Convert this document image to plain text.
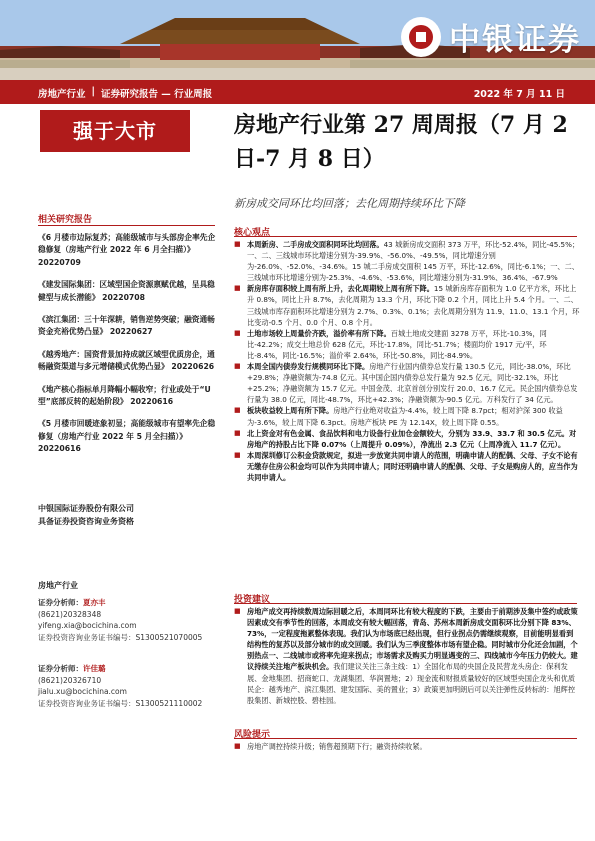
中银证券
房地产行业 | 证券研究报告 — 行业周报	2022 年 7 月 11 日
强于大市
相关研究报告
《6 月楼市边际复苏；高能级城市与头部房企率先企稳修复（房地产行业 2022 年 6 月全扫描）》 20220709
《建发国际集团：区域型国企资源禀赋优越，呈具稳健型与成长潜能》 20220708
《滨江集团：三十年深耕，销售逆势突破；融资通畅资金充裕优势凸显》 20220627
《越秀地产：国资背景加持成就区域型优质房企，通畅融资渠道与多元增储模式优势凸显》 20220626
《地产核心指标单月降幅小幅收窄；行业或处于“U 型”底部反转的起始阶段》 20220616
《5 月楼市回暖迹象初显；高能级城市有望率先企稳修复（房地产行业 2022 年 5 月全扫描）》 20220616
中银国际证券股份有限公司
具备证券投资咨询业务资格
房地产行业
证券分析师：夏亦丰
(8621)20328348
yifeng.xia@bocichina.com
证券投资咨询业务证书编号：S1300521070005
证券分析师：许佳璐
(8621)20326710
jialu.xu@bocichina.com
证券投资咨询业务证书编号：S1300521110002
房地产行业第 27 周周报（7 月 2 日-7 月 8 日）
新房成交同环比均回落；去化周期持续环比下降
核心观点
■ 本周新房、二手房成交面积同环比均回落。43 城新房成交面积 373 万平，环比-52.4%，同比-45.5%；一、二、三线城市环比增速分别为-39.9%、-56.0%、-49.5%，同比增速分别为-26.0%、-52.0%、-34.6%。15 城二手房成交面积 145 万平，环比-12.6%，同比-6.1%；一、二、三线城市环比增速分别为-25.3%、-4.6%、-53.6%，同比增速分别为-31.9%、36.4%、-67.9%
■ 新房库存面积较上周有所上升，去化周期较上周有所下降。15 城新房库存面积为 1.0 亿平方米，环比上升 0.8%，同比上升 8.7%，去化周期为 13.3 个月，环比下降 0.2 个月，同比上升 5.4 个月。一、二、三线城市库存面积环比增速分别为 2.7%、0.3%、0.1%；去化周期分别为 11.9、11.0、13.1 个月，环比变动-0.5 个月、0.0 个月、0.8 个月。
■ 土地市场较上周量价齐跌，溢价率有所下降。百城土地成交建面 3278 万平，环比-10.3%，同比-42.2%；成交土地总价 628 亿元，环比-17.8%，同比-51.7%；楼面均价 1917 元/平，环比-8.4%，同比-16.5%；溢价率 2.64%，环比-50.8%，同比-84.9%。
■ 本周全国内债券发行规模同环比下降。房地产行业国内债券总发行量 130.5 亿元，同比-38.0%，环比+29.8%；净融资额为-74.8 亿元。其中国企国内债券总发行量为 92.5 亿元，同比-32.1%，环比+25.2%；净融资额为 15.7 亿元。中国金茂、北京首创分别发行 20.0、16.7 亿元。民企国内债券总发行量为 38.0 亿元，同比-48.7%，环比+42.3%；净融资额为-90.5 亿元。万科发行了 34 亿元。
■ 板块收益较上周有所下降。房地产行业绝对收益为-4.4%，较上周下降 8.7pct；相对沪深 300 收益为-3.6%，较上周下降 6.3pct。房地产板块 PE 为 12.14X，较上周下降 0.55。
■ 北上资金对有色金属、食品饮料和电力设备行业加仓金额较大，分别为 33.9、33.7 和 30.5 亿元。对房地产的持股占比下降 0.07%（上周提升 0.09%），净流出 2.3 亿元（上周净流入 11.7 亿元）。
■ 本周深圳修订公积金贷款规定，拟进一步放宽共同申请人的范围，明确申请人的配偶、父母、子女不论有无缴存住房公积金均可以作为共同申请人；同时还明确申请人的配偶、父母、子女是购房人的，应当作为共同申请人。
投资建议
■ 房地产成交再持续数周边际回暖之后，本周同环比有较大程度的下跌，主要由于前期涉及集中签约或政策因素成交有季节性的回落，本周成交有较大幅回落，青岛、苏州本周新房成交面积环比分别下降 83%、73%，一定程度拖累整体表现。我们认为市场底已经出现，但行业拐点仍需继续观察，目前能明显看到结构性的复苏以及部分城市的成交回暖。我们认为三季度整体市场有望企稳。同时城市分化还会加剧，个别热点一、二线城市或将率先迎来拐点；市场需求及购买力明显遇变的三、四线城市今年压力仍较大。建议持续关注地产板块机会。我们建议关注三条主线：1）全国化布局的央国企及民营龙头房企：保利发展、金地集团、招商蛇口、龙湖集团、华润置地；2）现金流和财报质量较好的区域型央国企龙头和优质民企：越秀地产、滨江集团、建发国际、美的置业；3）政策更加明朗后可以关注弹性反转标的：旭辉控股集团、新城控股、碧桂园。
风险提示
■ 房地产调控持续升级；销售超预期下行；融资持续收紧。
